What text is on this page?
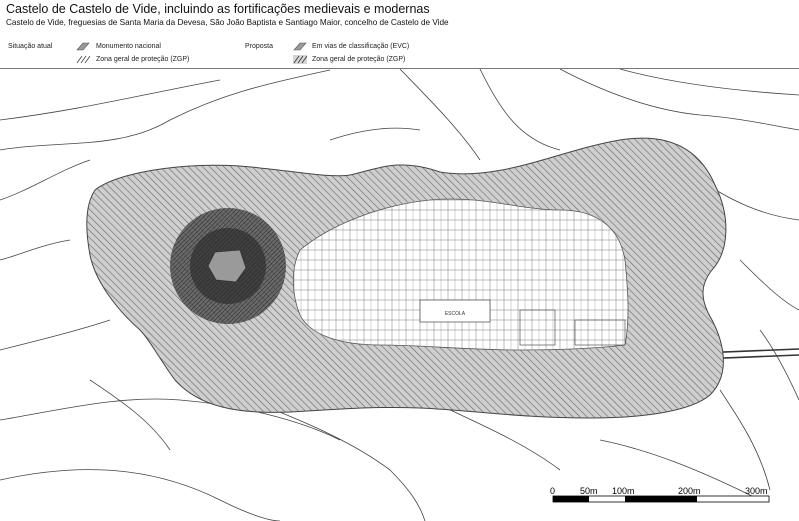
Castelo de Castelo de Vide, incluindo as fortificações medievais e modernas
Castelo de Vide, freguesias de Santa Maria da Devesa, São João Baptista e Santiago Maior, concelho de Castelo de Vide
Situação atual	Monumento nacional
Zona geral de proteção (ZGP)
Proposta	Em vias de classificação (EVC)
Zona geral de proteção (ZGP)
ESCOLA
0	50m 100m	200m	300m
